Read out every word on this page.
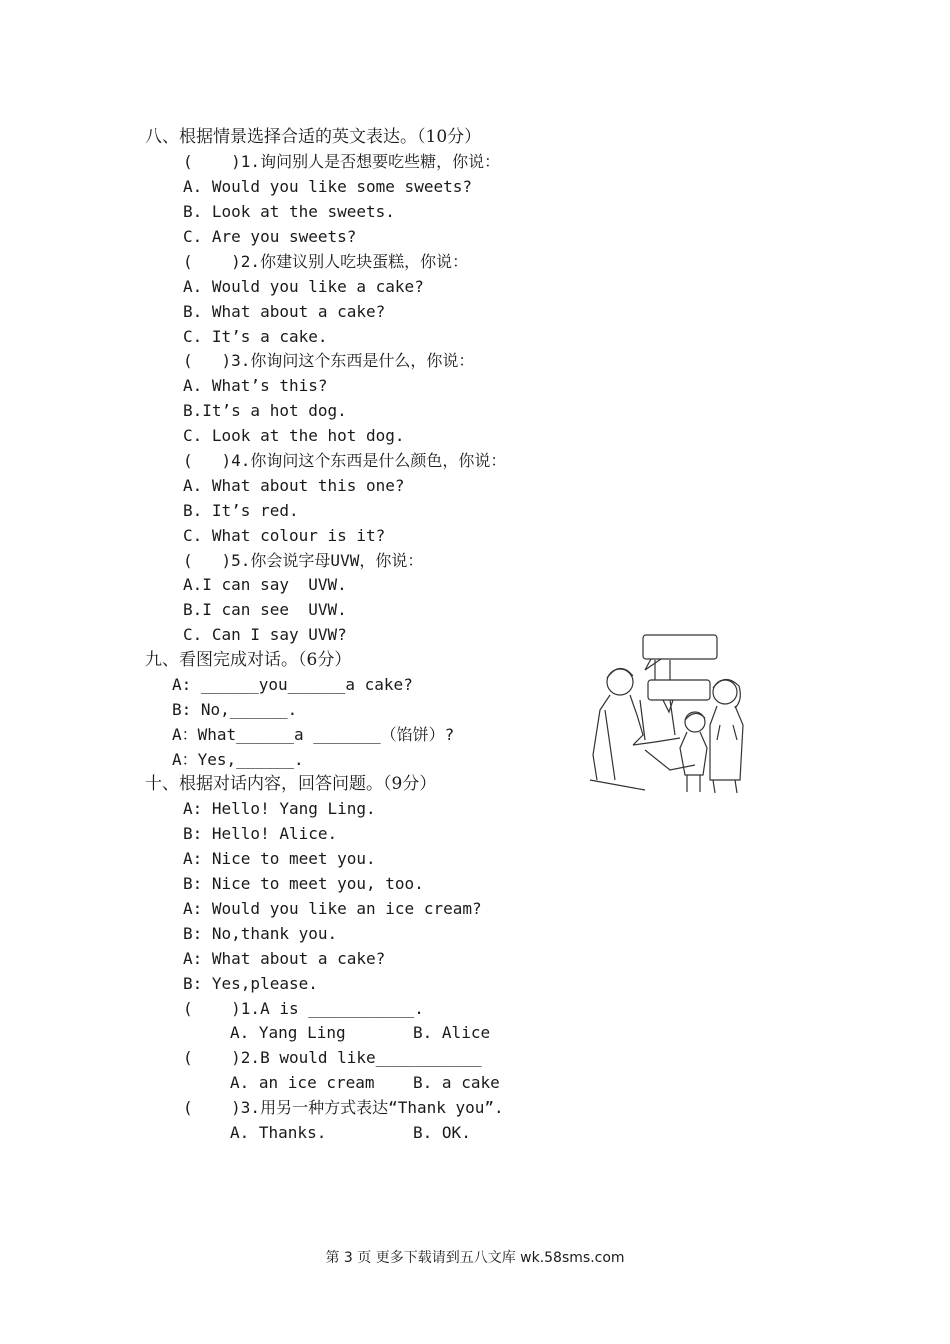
八、根据情景选择合适的英文表达。（10分）
(    )1.询问别人是否想要吃些糖，你说：
A. Would you like some sweets?
B. Look at the sweets.
C. Are you sweets?
(    )2.你建议别人吃块蛋糕，你说：
A. Would you like a cake?
B. What about a cake?
C. It’s a cake.
(   )3.你询问这个东西是什么，你说：
A. What’s this?
B.It’s a hot dog.
C. Look at the hot dog.
(   )4.你询问这个东西是什么颜色，你说：
A. What about this one?
B. It’s red.
C. What colour is it?
(   )5.你会说字母UVW，你说：
A.I can say  UVW.
B.I can see  UVW.
C. Can I say UVW?
九、看图完成对话。（6分）
A: ______you______a cake?
B: No,______.
A：What______a _______（馅饼）?
A：Yes,______.
十、根据对话内容，回答问题。（9分）
A: Hello! Yang Ling.
B: Hello! Alice.
A: Nice to meet you.
B: Nice to meet you, too.
A: Would you like an ice cream?
B: No,thank you.
A: What about a cake?
B: Yes,please.
(    )1.A is ___________.
A. Yang Ling       B. Alice
(    )2.B would like___________
A. an ice cream    B. a cake
(    )3.用另一种方式表达“Thank you”.
A. Thanks.         B. OK.
第 3 页 更多下载请到五八文库 wk.58sms.com
